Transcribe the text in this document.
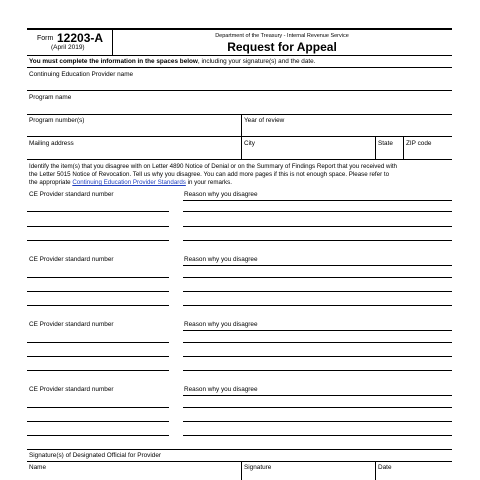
Form 12203-A
(April 2019)
Department of the Treasury - Internal Revenue Service
Request for Appeal
You must complete the information in the spaces below, including your signature(s) and the date.
Continuing Education Provider name
Program name
Program number(s)	Year of review
Mailing address	City	State ZIP code
Identify the item(s) that you disagree with on Letter 4890 Notice of Denial or on the Summary of Findings Report that you received with
the Letter 5015 Notice of Revocation. Tell us why you disagree. You can add more pages if this is not enough space. Please refer to
the appropriate Continuing Education Provider Standards in your remarks.
CE Provider standard number	Reason why you disagree
CE Provider standard number	Reason why you disagree
CE Provider standard number	Reason why you disagree
CE Provider standard number	Reason why you disagree
Signature(s) of Designated Official for Provider
Name	Signature	Date
